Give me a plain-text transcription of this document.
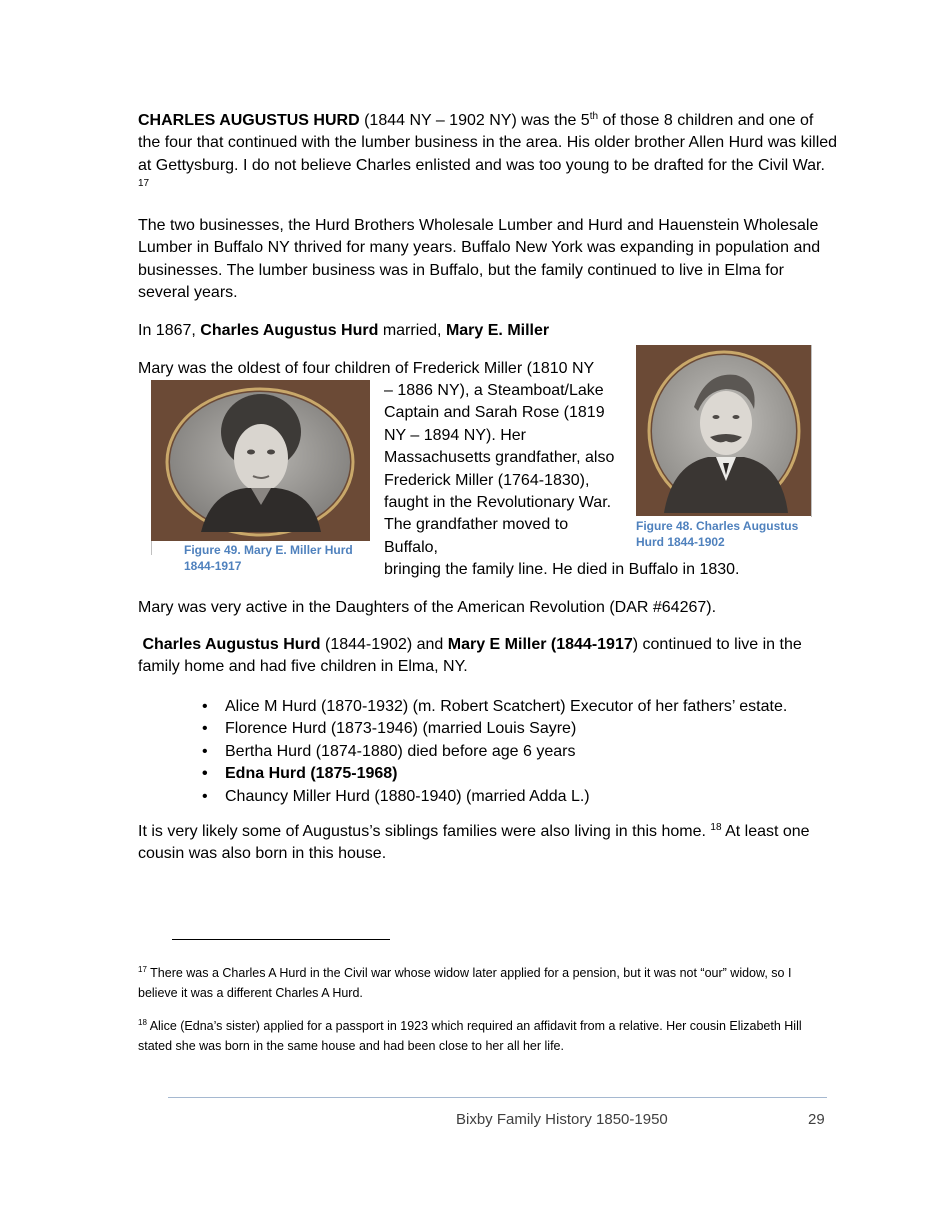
CHARLES AUGUSTUS HURD (1844 NY – 1902 NY) was the 5th of those 8 children and one of the four that continued with the lumber business in the area. His older brother Allen Hurd was killed at Gettysburg. I do not believe Charles enlisted and was too young to be drafted for the Civil War. $^{17}$
The two businesses, the Hurd Brothers Wholesale Lumber and Hurd and Hauenstein Wholesale Lumber in Buffalo NY thrived for many years. Buffalo New York was expanding in population and businesses. The lumber business was in Buffalo, but the family continued to live in Elma for several years.
In 1867, Charles Augustus Hurd married, Mary E. Miller
Mary was the oldest of four children of Frederick Miller (1810 NY
– 1886 NY), a Steamboat/Lake Captain and Sarah Rose (1819 NY – 1894 NY). Her Massachusetts grandfather, also Frederick Miller (1764-1830), faught in the Revolutionary War. The grandfather moved to Buffalo,
bringing the family line. He died in Buffalo in 1830.
Figure 49. Mary E. Miller Hurd 1844-1917
Figure 48. Charles Augustus Hurd 1844-1902
Mary was very active in the Daughters of the American Revolution (DAR #64267).
Charles Augustus Hurd (1844-1902) and Mary E Miller (1844-1917) continued to live in the family home and had five children in Elma, NY.
• Alice M Hurd (1870-1932) (m. Robert Scatchert) Executor of her fathers’ estate.
• Florence Hurd (1873-1946) (married Louis Sayre)
• Bertha Hurd (1874-1880) died before age 6 years
• Edna Hurd (1875-1968)
• Chauncy Miller Hurd (1880-1940) (married Adda L.)
It is very likely some of Augustus’s siblings families were also living in this home. $^{18}$ At least one cousin was also born in this house.
$^{17}$ There was a Charles A Hurd in the Civil war whose widow later applied for a pension, but it was not “our” widow, so I believe it was a different Charles A Hurd.
$^{18}$ Alice (Edna’s sister) applied for a passport in 1923 which required an affidavit from a relative. Her cousin Elizabeth Hill stated she was born in the same house and had been close to her all her life.
Bixby Family History 1850-1950	29
